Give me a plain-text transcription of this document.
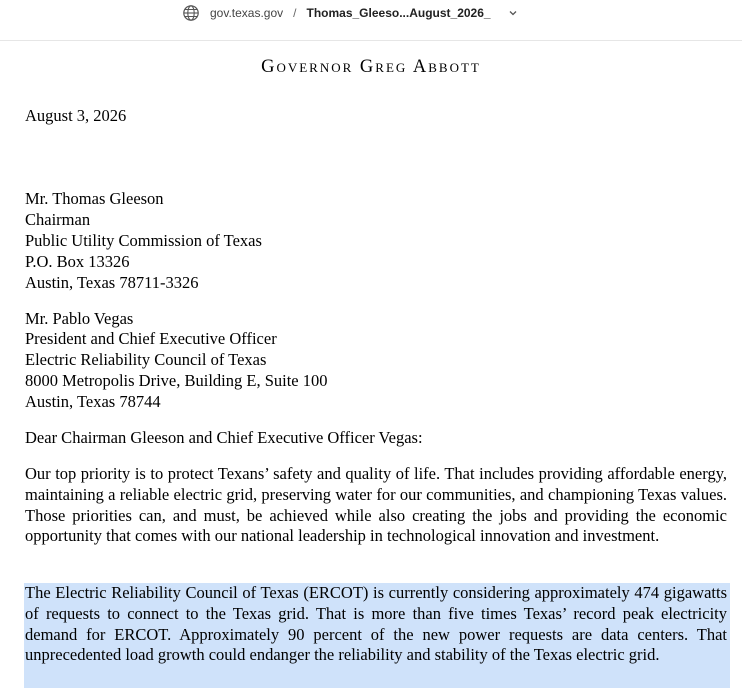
gov.texas.gov / Thomas_Gleeso...August_2026_
Governor Greg Abbott
August 3, 2026
Mr. Thomas Gleeson
Chairman
Public Utility Commission of Texas
P.O. Box 13326
Austin, Texas 78711-3326
Mr. Pablo Vegas
President and Chief Executive Officer
Electric Reliability Council of Texas
8000 Metropolis Drive, Building E, Suite 100
Austin, Texas 78744
Dear Chairman Gleeson and Chief Executive Officer Vegas:
Our top priority is to protect Texans’ safety and quality of life. That includes providing affordable energy, maintaining a reliable electric grid, preserving water for our communities, and championing Texas values. Those priorities can, and must, be achieved while also creating the jobs and providing the economic opportunity that comes with our national leadership in technological innovation and investment.
The Electric Reliability Council of Texas (ERCOT) is currently considering approximately 474 gigawatts of requests to connect to the Texas grid. That is more than five times Texas’ record peak electricity demand for ERCOT. Approximately 90 percent of the new power requests are data centers. That unprecedented load growth could endanger the reliability and stability of the Texas electric grid.
